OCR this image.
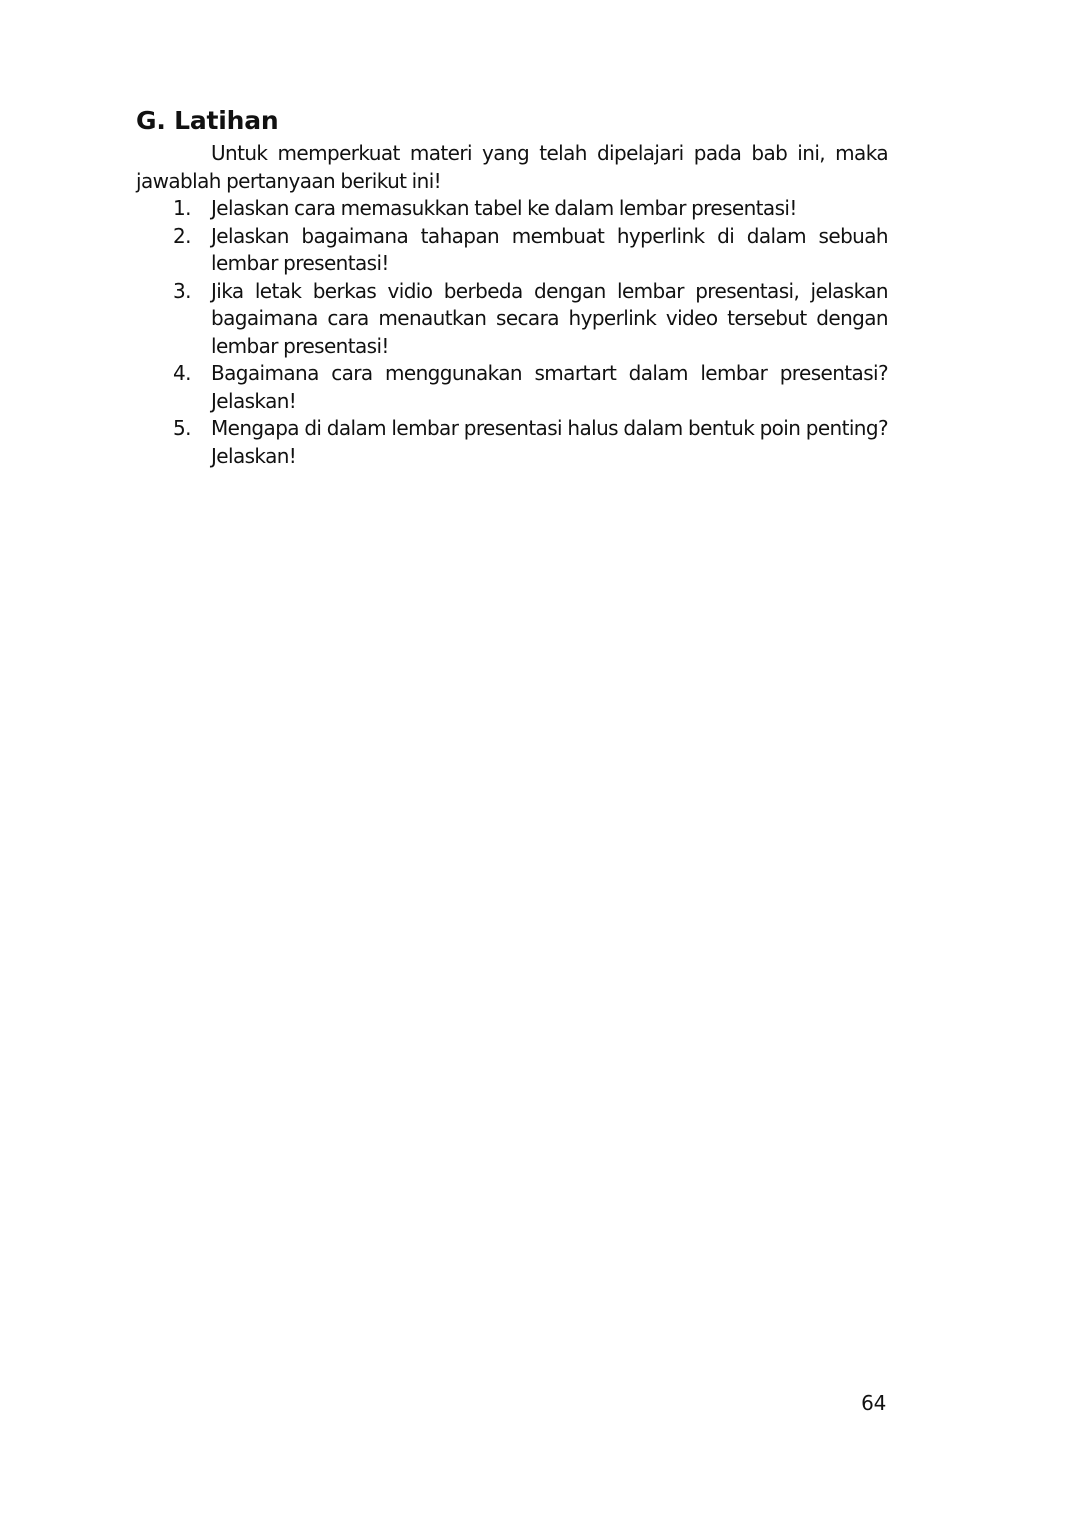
G. Latihan

Untuk memperkuat materi yang telah dipelajari pada bab ini, maka jawablah pertanyaan berikut ini!

1.	Jelaskan cara memasukkan tabel ke dalam lembar presentasi!
2.	Jelaskan bagaimana tahapan membuat hyperlink di dalam sebuah lembar presentasi!
3.	Jika letak berkas vidio berbeda dengan lembar presentasi, jelaskan bagaimana cara menautkan secara hyperlink video tersebut dengan lembar presentasi!
4.	Bagaimana cara menggunakan smartart dalam lembar presentasi? Jelaskan!
5.	Mengapa di dalam lembar presentasi halus dalam bentuk poin penting? Jelaskan!
64
